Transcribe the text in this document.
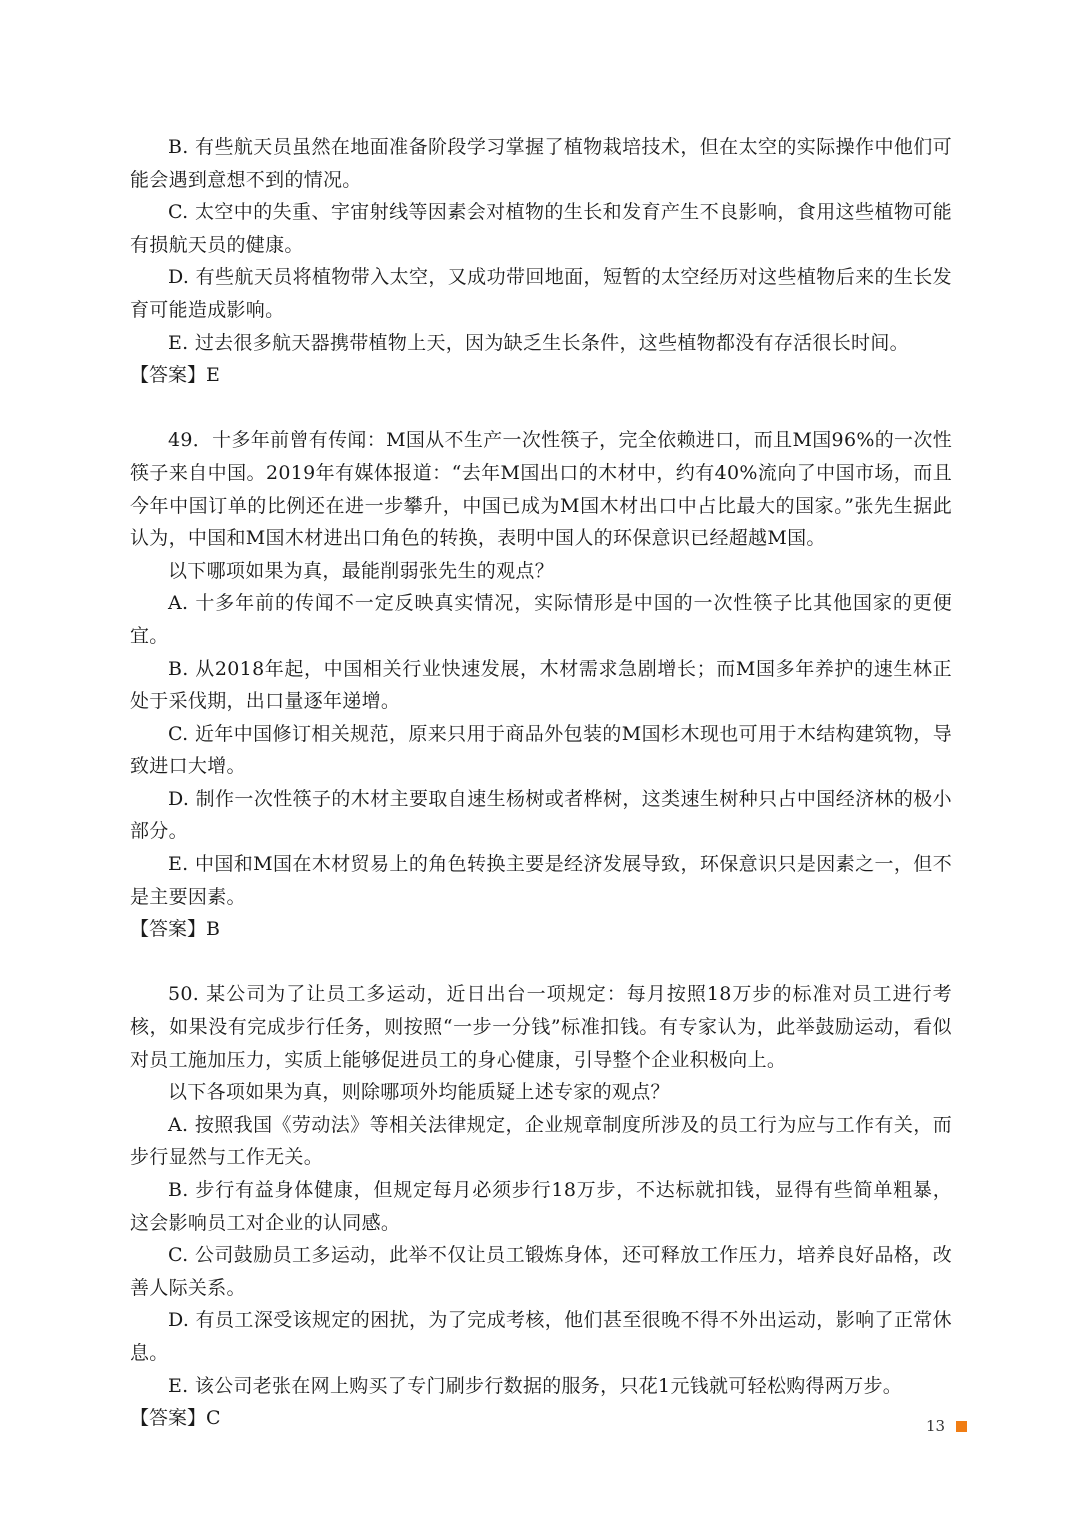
B. 有些航天员虽然在地面准备阶段学习掌握了植物栽培技术，但在太空的实际操作中他们可能会遇到意想不到的情况。

C. 太空中的失重、宇宙射线等因素会对植物的生长和发育产生不良影响，食用这些植物可能有损航天员的健康。

D. 有些航天员将植物带入太空，又成功带回地面，短暂的太空经历对这些植物后来的生长发育可能造成影响。

E. 过去很多航天器携带植物上天，因为缺乏生长条件，这些植物都没有存活很长时间。

【答案】E

49．十多年前曾有传闻：M国从不生产一次性筷子，完全依赖进口，而且M国96%的一次性筷子来自中国。2019年有媒体报道：“去年M国出口的木材中，约有40%流向了中国市场，而且今年中国订单的比例还在进一步攀升，中国已成为M国木材出口中占比最大的国家。”张先生据此认为，中国和M国木材进出口角色的转换，表明中国人的环保意识已经超越M国。

以下哪项如果为真，最能削弱张先生的观点？

A. 十多年前的传闻不一定反映真实情况，实际情形是中国的一次性筷子比其他国家的更便宜。

B. 从2018年起，中国相关行业快速发展，木材需求急剧增长；而M国多年养护的速生林正处于采伐期，出口量逐年递增。

C. 近年中国修订相关规范，原来只用于商品外包装的M国杉木现也可用于木结构建筑物，导致进口大增。

D. 制作一次性筷子的木材主要取自速生杨树或者桦树，这类速生树种只占中国经济林的极小部分。

E. 中国和M国在木材贸易上的角色转换主要是经济发展导致，环保意识只是因素之一，但不是主要因素。

【答案】B

50. 某公司为了让员工多运动，近日出台一项规定：每月按照18万步的标准对员工进行考核，如果没有完成步行任务，则按照“一步一分钱”标准扣钱。有专家认为，此举鼓励运动，看似对员工施加压力，实质上能够促进员工的身心健康，引导整个企业积极向上。

以下各项如果为真，则除哪项外均能质疑上述专家的观点？

A. 按照我国《劳动法》等相关法律规定，企业规章制度所涉及的员工行为应与工作有关，而步行显然与工作无关。

B. 步行有益身体健康，但规定每月必须步行18万步，不达标就扣钱，显得有些简单粗暴，这会影响员工对企业的认同感。

C. 公司鼓励员工多运动，此举不仅让员工锻炼身体，还可释放工作压力，培养良好品格，改善人际关系。

D. 有员工深受该规定的困扰，为了完成考核，他们甚至很晚不得不外出运动，影响了正常休息。

E. 该公司老张在网上购买了专门刷步行数据的服务，只花1元钱就可轻松购得两万步。

【答案】C	13
